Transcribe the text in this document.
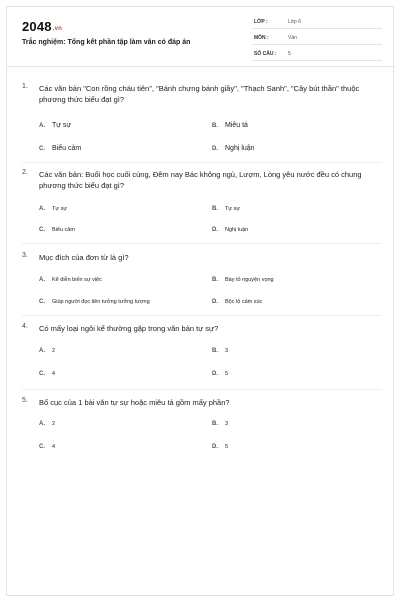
2048.vn
Trắc nghiệm: Tổng kết phần tập làm văn có đáp án
LỚP :	Lớp 6
MÔN :	Văn
SỐ CÂU : 5
1. Các văn bản "Con rồng cháu tiên", "Bánh chưng bánh giầy", "Thạch Sanh", "Cây bút thần" thuộc phương thức biểu đạt gì?
A. Tự sự	B. Miêu tả
C. Biểu cảm	D. Nghị luận
2. Các văn bản: Buổi học cuối cùng, Đêm nay Bác không ngủ, Lượm, Lòng yêu nước đều có chung phương thức biểu đạt gì?
A. Tự sự	B. Tự sự
C. Biểu cảm	D. Nghị luận
3. Mục đích của đơn từ là gì?
A. Kể diễn biến sự việc	B. Bày tỏ nguyện vọng
C. Giúp người đọc liên tưởng tưởng tượng	D. Bộc lộ cảm xúc
4. Có mấy loại ngôi kể thường gặp trong văn bản tự sự?
A. 2	B. 3
C. 4	D. 5
5. Bố cục của 1 bài văn tự sự hoặc miêu tả gồm mấy phần?
A. 2	B. 3
C. 4	D. 5
